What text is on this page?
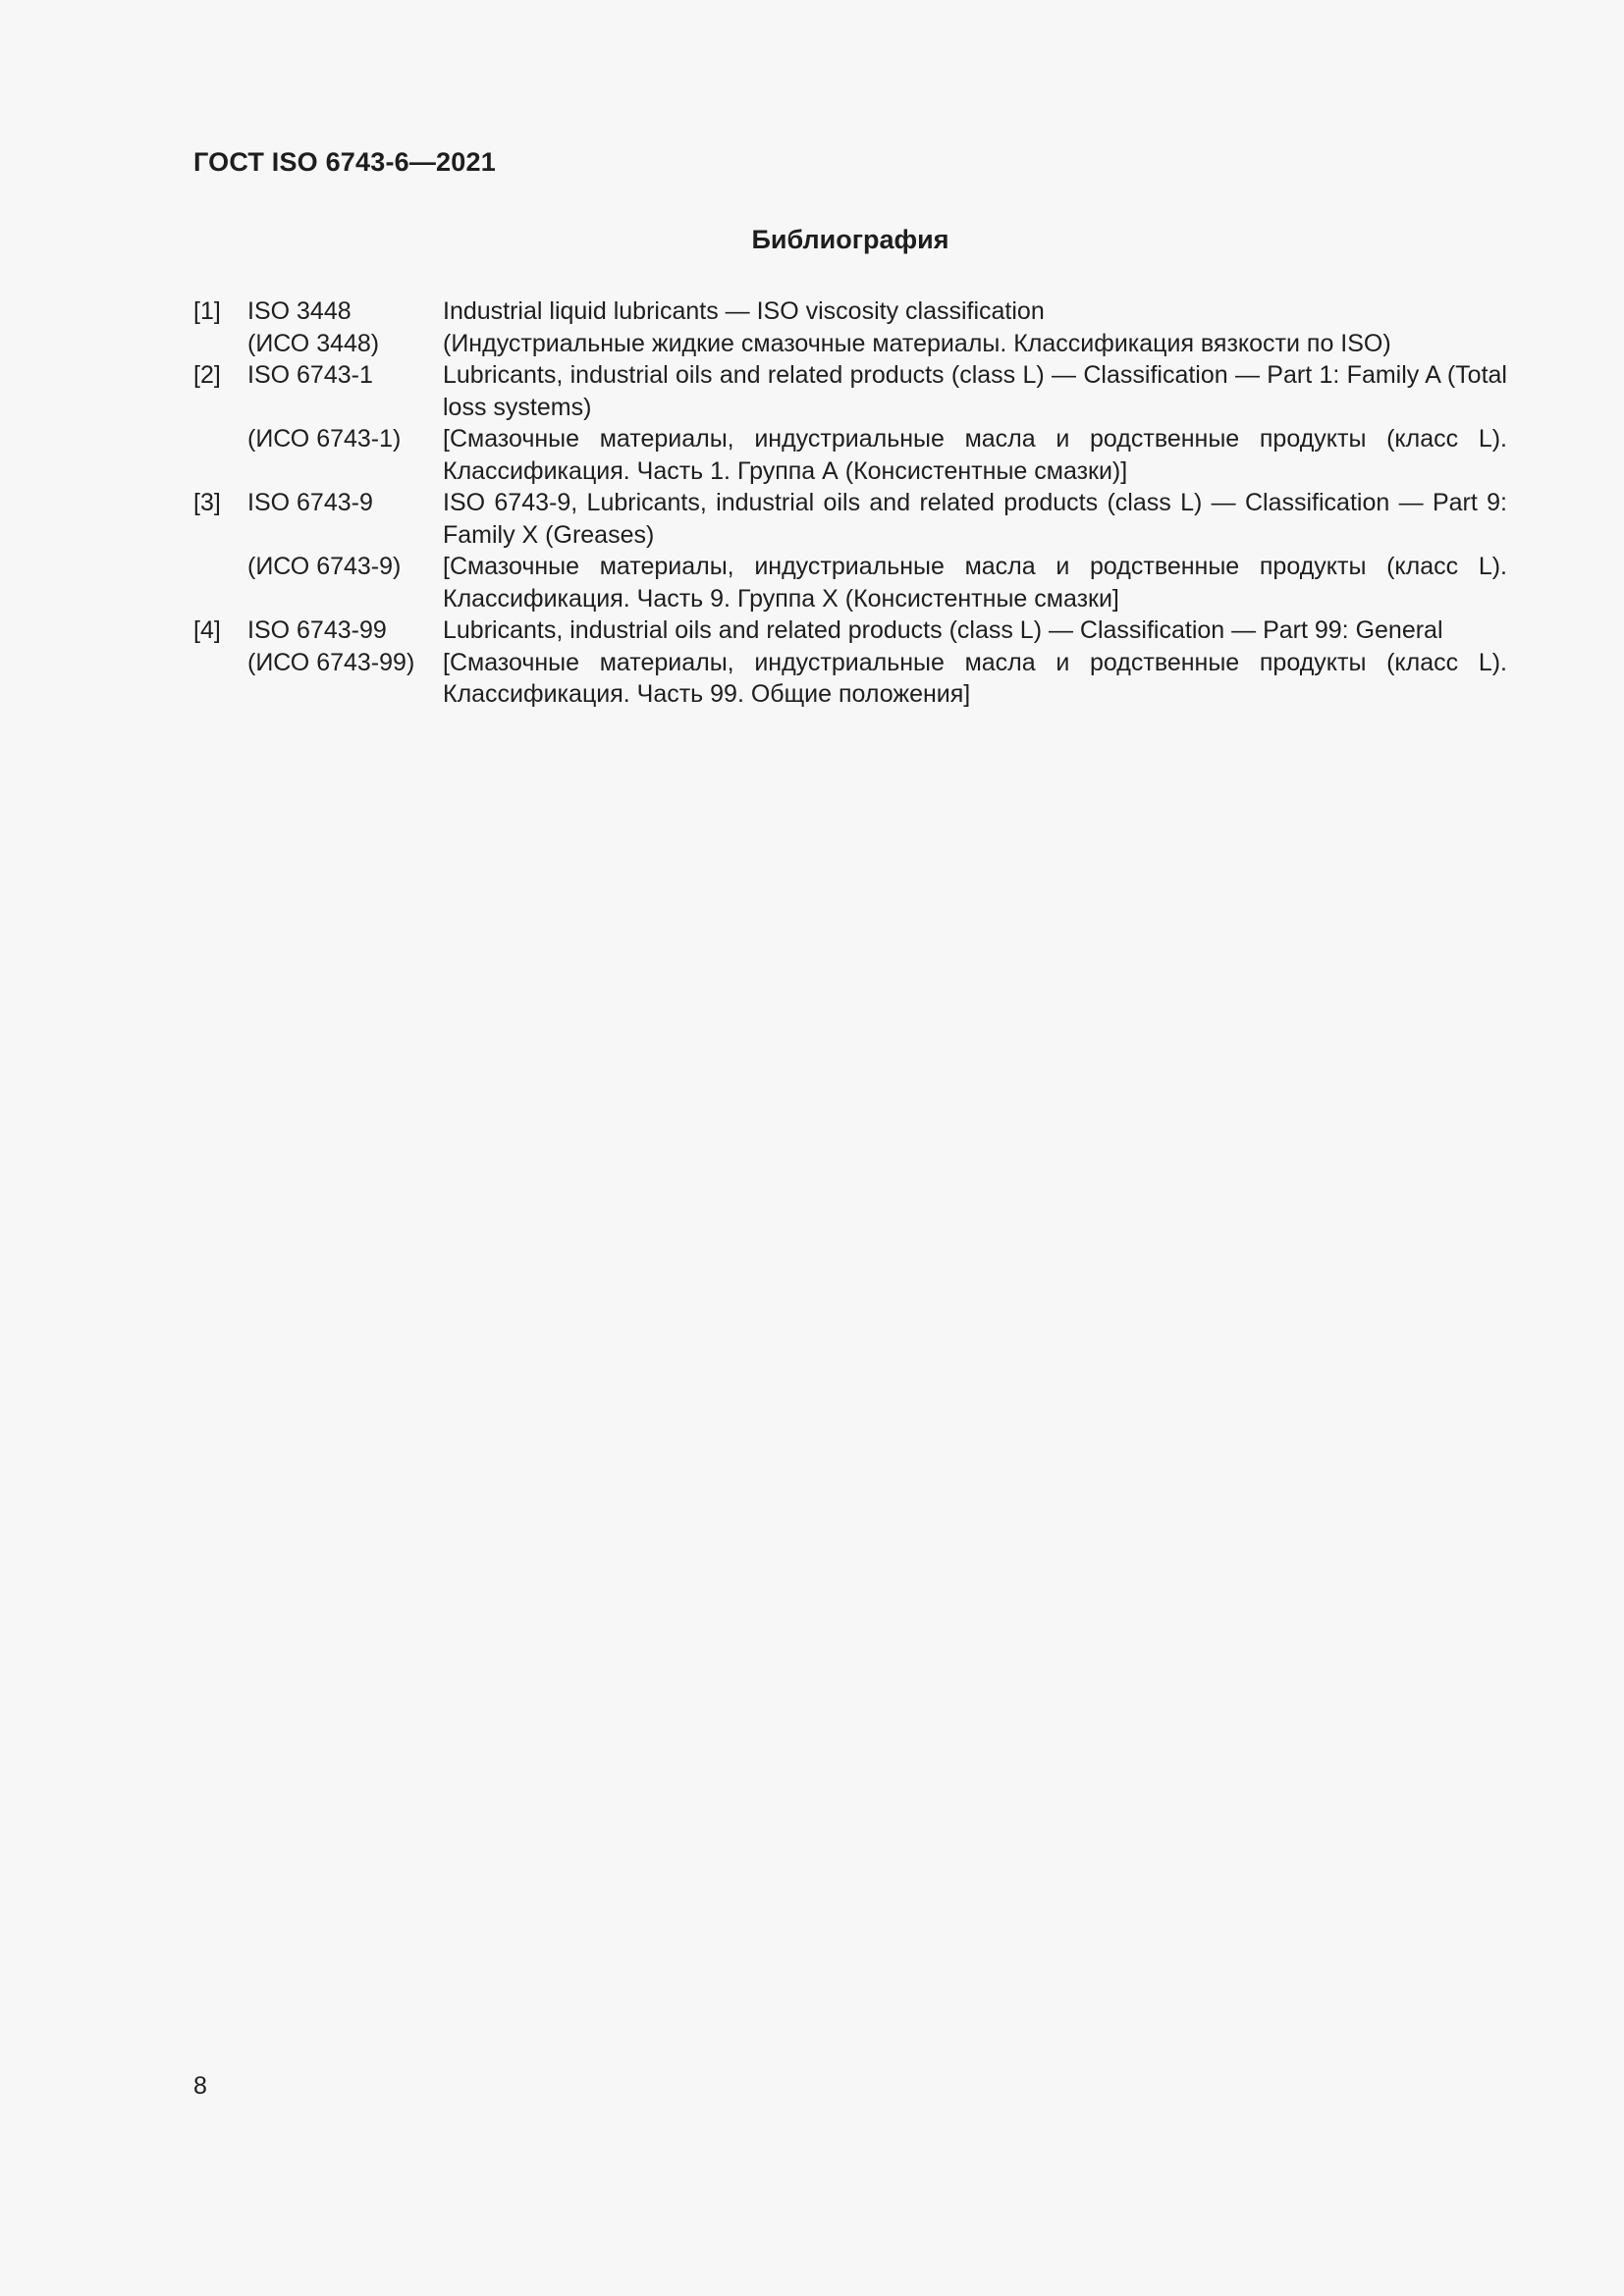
ГОСТ ISO 6743-6—2021
Библиография
[1]	ISO 3448	Industrial liquid lubricants — ISO viscosity classification
(ИСО 3448)	(Индустриальные жидкие смазочные материалы. Классификация вязкости по ISO)
[2]	ISO 6743-1	Lubricants, industrial oils and related products (class L) — Classification — Part 1: Family A (Total loss systems)
(ИСО 6743-1)	[Смазочные материалы, индустриальные масла и родственные продукты (класс L). Классификация. Часть 1. Группа А (Консистентные смазки)]
[3]	ISO 6743-9	ISO 6743-9, Lubricants, industrial oils and related products (class L) — Classification — Part 9: Family X (Greases)
(ИСО 6743-9)	[Смазочные материалы, индустриальные масла и родственные продукты (класс L). Классификация. Часть 9. Группа X (Консистентные смазки]
[4]	ISO 6743-99	Lubricants, industrial oils and related products (class L) — Classification — Part 99: General
(ИСО 6743-99)	[Смазочные материалы, индустриальные масла и родственные продукты (класс L). Классификация. Часть 99. Общие положения]
8
